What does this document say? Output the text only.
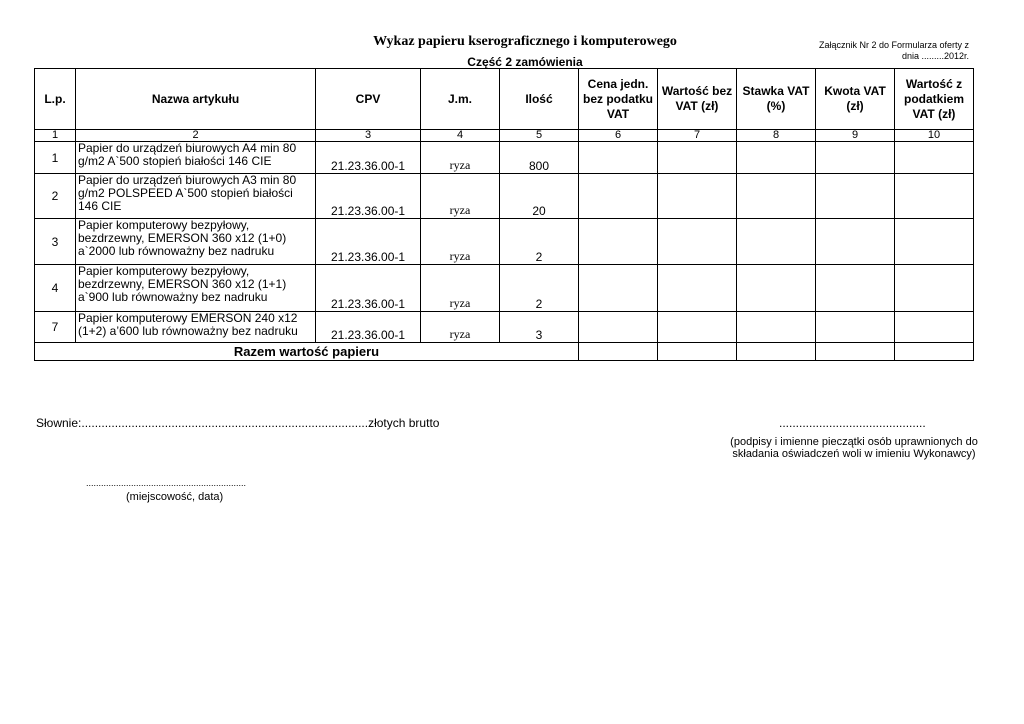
Wykaz papieru kserograficznego i komputerowego
Część 2 zamówienia
Załącznik Nr 2 do Formularza oferty z
dnia .........2012r.
L.p.	Nazwa artykułu	CPV	J.m.	Ilość	Cena jedn. bez podatku VAT	Wartość bez VAT (zł)	Stawka VAT (%)	Kwota VAT (zł)	Wartość z podatkiem VAT (zł)
1	2	3	4	5	6	7	8	9	10
1	Papier do urządzeń biurowych A4 min 80 g/m2 A`500 stopień białości 146 CIE	21.23.36.00-1	ryza	800					
2	Papier do urządzeń biurowych A3 min 80 g/m2 POLSPEED A`500 stopień białości 146 CIE	21.23.36.00-1	ryza	20					
3	Papier komputerowy bezpyłowy, bezdrzewny, EMERSON 360 x12 (1+0) a`2000 lub równoważny bez nadruku	21.23.36.00-1	ryza	2					
4	Papier komputerowy bezpyłowy, bezdrzewny, EMERSON 360 x12 (1+1) a`900 lub równoważny bez nadruku	21.23.36.00-1	ryza	2					
7	Papier komputerowy EMERSON 240 x12 (1+2) a’600 lub równoważny bez nadruku	21.23.36.00-1	ryza	3					
Razem wartość papieru									
Słownie:......................................................................................złotych brutto	............................................
(podpisy i imienne pieczątki osób uprawnionych do składania oświadczeń woli w imieniu Wykonawcy)
................................................................
(miejscowość, data)
